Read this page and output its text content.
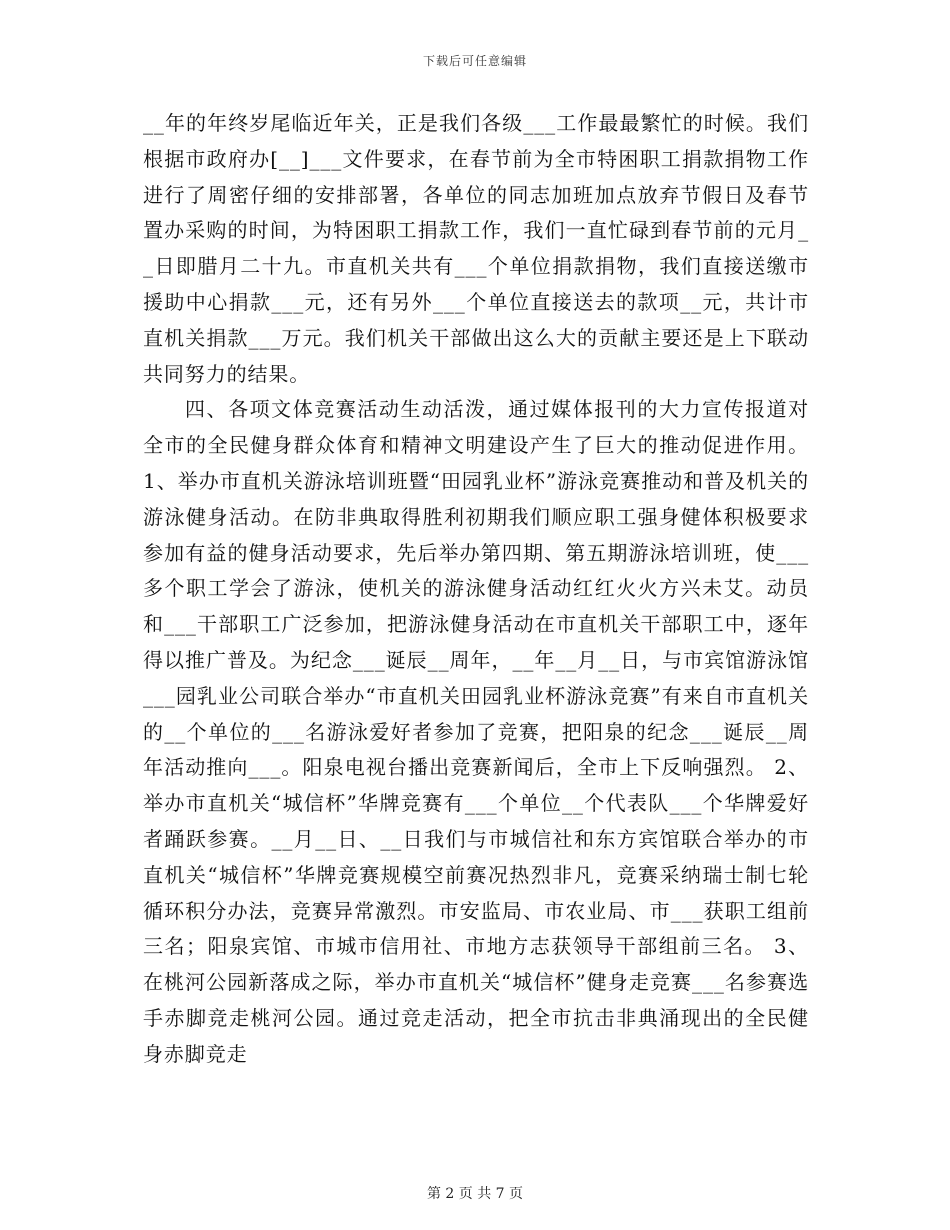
下载后可任意编辑

__年的年终岁尾临近年关，正是我们各级___工作最最繁忙的时候。我们根据市政府办[__]___文件要求，在春节前为全市特困职工捐款捐物工作进行了周密仔细的安排部署，各单位的同志加班加点放弃节假日及春节置办采购的时间，为特困职工捐款工作，我们一直忙碌到春节前的元月__日即腊月二十九。市直机关共有___个单位捐款捐物，我们直接送缴市援助中心捐款___元，还有另外___个单位直接送去的款项__元，共计市直机关捐款___万元。我们机关干部做出这么大的贡献主要还是上下联动共同努力的结果。

四、各项文体竞赛活动生动活泼，通过媒体报刊的大力宣传报道对全市的全民健身群众体育和精神文明建设产生了巨大的推动促进作用。 1、举办市直机关游泳培训班暨“田园乳业杯”游泳竞赛推动和普及机关的游泳健身活动。在防非典取得胜利初期我们顺应职工强身健体积极要求参加有益的健身活动要求，先后举办第四期、第五期游泳培训班，使___多个职工学会了游泳，使机关的游泳健身活动红红火火方兴未艾。动员和___干部职工广泛参加，把游泳健身活动在市直机关干部职工中，逐年得以推广普及。为纪念___诞辰__周年，__年__月__日，与市宾馆游泳馆___园乳业公司联合举办“市直机关田园乳业杯游泳竞赛”有来自市直机关的__个单位的___名游泳爱好者参加了竞赛，把阳泉的纪念___诞辰__周年活动推向___。阳泉电视台播出竞赛新闻后，全市上下反响强烈。 2、举办市直机关“城信杯”华牌竞赛有___个单位__个代表队___个华牌爱好者踊跃参赛。__月__日、__日我们与市城信社和东方宾馆联合举办的市直机关“城信杯”华牌竞赛规模空前赛况热烈非凡，竞赛采纳瑞士制七轮循环积分办法，竞赛异常激烈。市安监局、市农业局、市___获职工组前三名；阳泉宾馆、市城市信用社、市地方志获领导干部组前三名。 3、在桃河公园新落成之际，举办市直机关“城信杯”健身走竞赛___名参赛选手赤脚竞走桃河公园。通过竞走活动，把全市抗击非典涌现出的全民健身赤脚竞走

第 2 页 共 7 页
